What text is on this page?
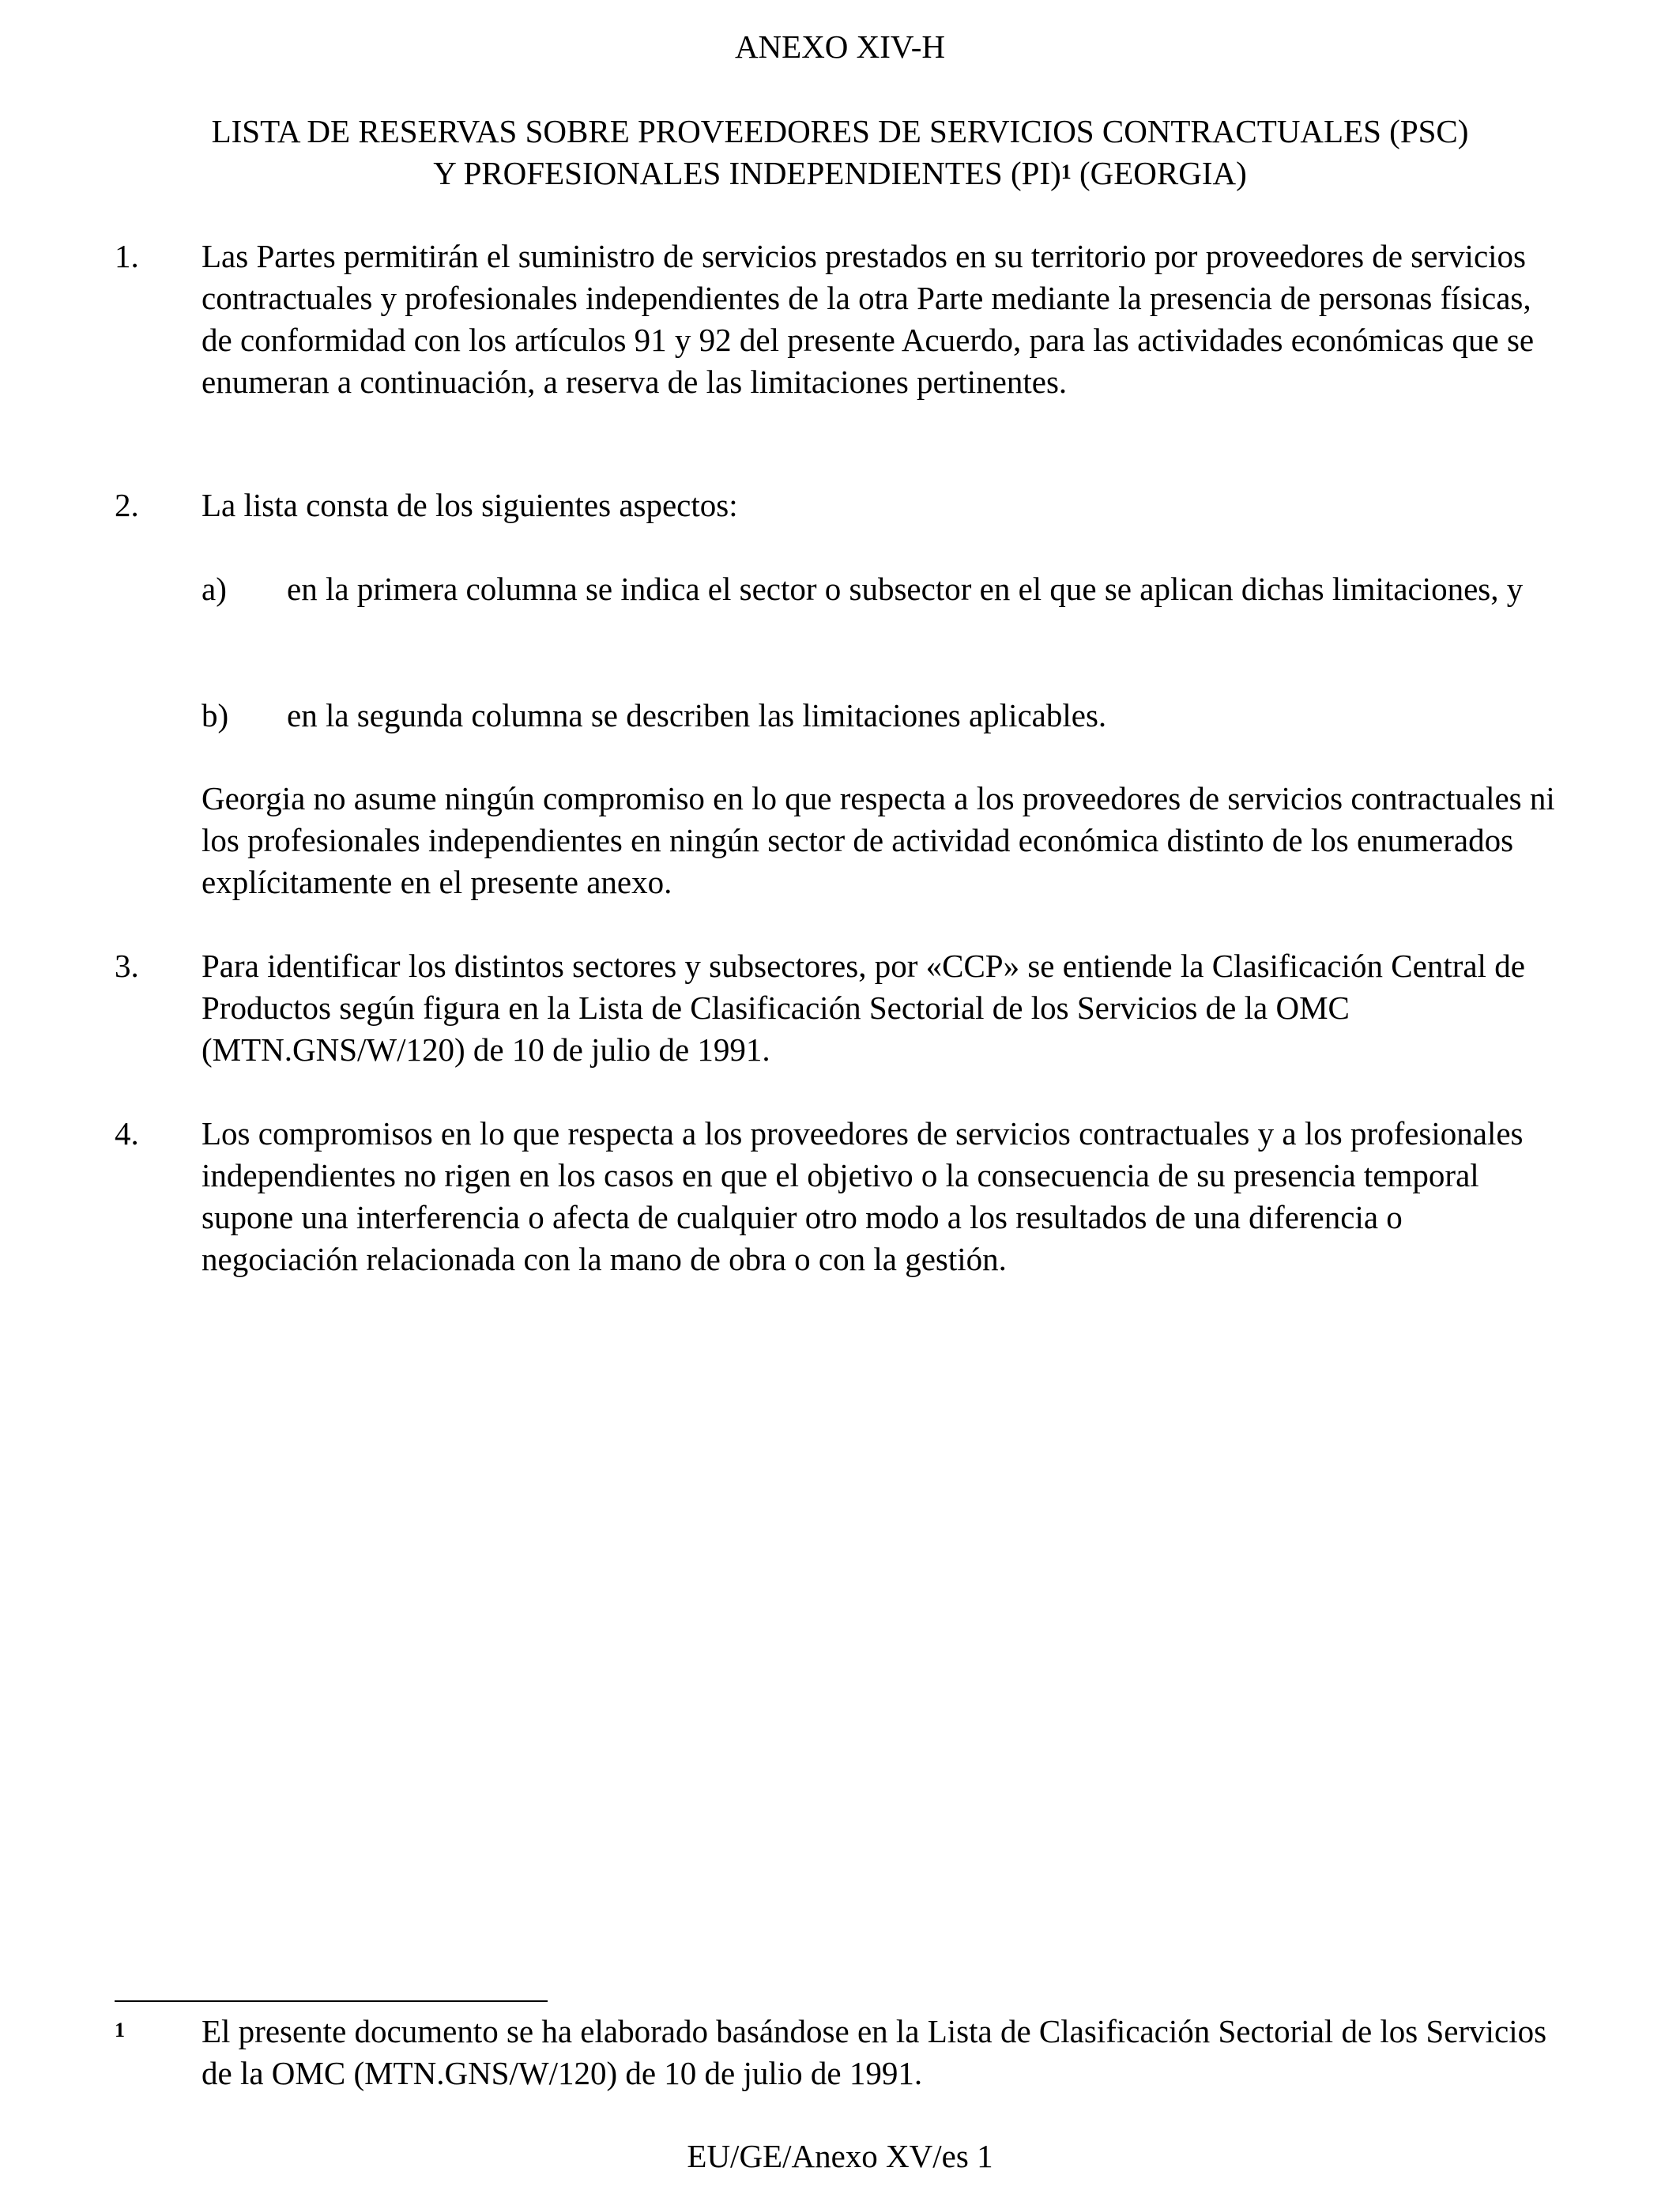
ANEXO XIV-H
LISTA DE RESERVAS SOBRE PROVEEDORES DE SERVICIOS CONTRACTUALES (PSC)
Y PROFESIONALES INDEPENDIENTES (PI)$^1$ (GEORGIA)
1. Las Partes permitirán el suministro de servicios prestados en su territorio por proveedores de servicios contractuales y profesionales independientes de la otra Parte mediante la presencia de personas físicas, de conformidad con los artículos 91 y 92 del presente Acuerdo, para las actividades económicas que se enumeran a continuación, a reserva de las limitaciones pertinentes.

2. La lista consta de los siguientes aspectos:

a) en la primera columna se indica el sector o subsector en el que se aplican dichas limitaciones, y

b) en la segunda columna se describen las limitaciones aplicables.

Georgia no asume ningún compromiso en lo que respecta a los proveedores de servicios contractuales ni los profesionales independientes en ningún sector de actividad económica distinto de los enumerados explícitamente en el presente anexo.

3. Para identificar los distintos sectores y subsectores, por «CCP» se entiende la Clasificación Central de Productos según figura en la Lista de Clasificación Sectorial de los Servicios de la OMC (MTN.GNS/W/120) de 10 de julio de 1991.

4. Los compromisos en lo que respecta a los proveedores de servicios contractuales y a los profesionales independientes no rigen en los casos en que el objetivo o la consecuencia de su presencia temporal supone una interferencia o afecta de cualquier otro modo a los resultados de una diferencia o negociación relacionada con la mano de obra o con la gestión.

1 El presente documento se ha elaborado basándose en la Lista de Clasificación Sectorial de los Servicios de la OMC (MTN.GNS/W/120) de 10 de julio de 1991.

EU/GE/Anexo XV/es 1
